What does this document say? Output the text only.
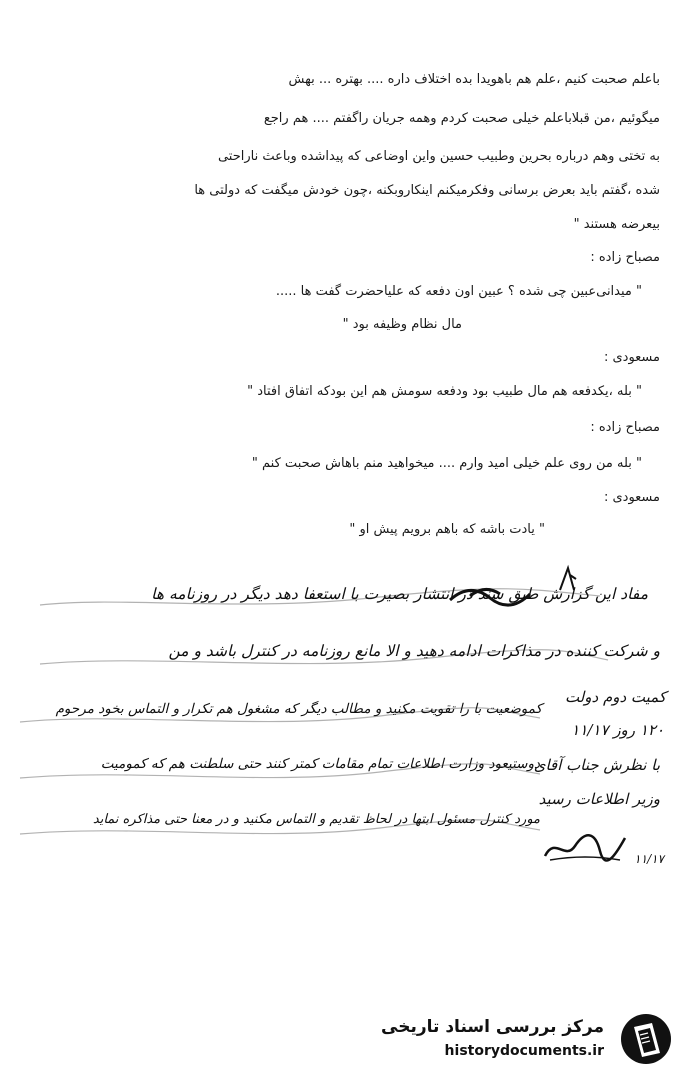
باعلم صحبت کنیم ،علم هم باهویدا بده اختلاف داره .... بهتره ... بهش
میگوئیم ،من قبلاباعلم خیلی صحبت کردم وهمه جریان راگفتم .... هم راجع
به تختی وهم درباره بحرین وطبیب حسین واین اوضاعی که پیداشده وباعث ناراحتی
شده ،گفتم باید بعرض برسانی وفکرمیکنم اینکاروبکنه ،چون خودش میگفت که دولتی ها
بیعرضه هستند "
مصباح زاده :
" میدانی‌عبین چی شده ؟ عبین اون دفعه که علیاحضرت گفت ها .....
مال نظام وظیفه بود "
مسعودی :
" بله ،یکدفعه هم مال طبیب بود ودفعه سومش هم این بودکه اتفاق افتاد "
مصباح زاده :
" بله من روی علم خیلی امید وارم .... میخواهید منم باهاش صحبت کنم "
مسعودی :
" یادت باشه که باهم برویم پیش او "
مفاد این گزارش طبق سند در انتشار بصیرت با استعفا دهد دیگر در روزنامه ها
و شرکت کننده در مذاکرات ادامه دهید و الا مانع روزنامه در کنترل باشد و من
کموضعیت با را تقویت مکنید و مطالب دیگر که مشغول هم تکرار و التماس بخود مرحوم
دوستیعود وزارت اطلاعات تمام مقامات کمتر کنند حتی سلطنت هم که کمومیت
مورد کنترل مسئول ابتها در لحاظ تقدیم و التماس مکنید و در معنا حتی مذاکره نماید
کمیت دوم دولت
۱۲۰ روز ۱۱/۱۷
با نظرش جناب آقای
وزیر اطلاعات رسید
۱۱/۱۷
مرکز بررسی اسناد تاریخی
historydocuments.ir
